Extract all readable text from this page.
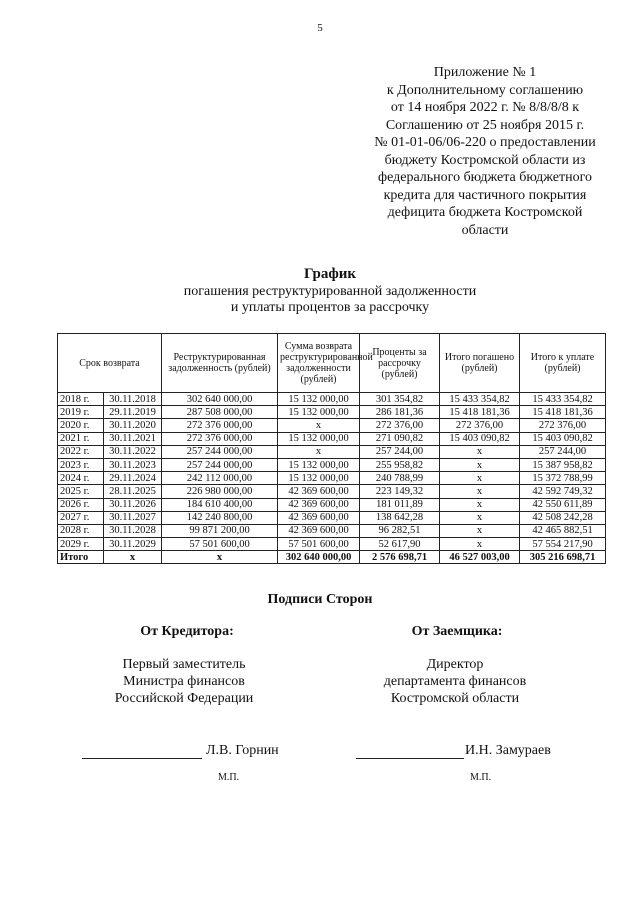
5
Приложение № 1
к Дополнительному соглашению
от 14 ноября 2022 г. № 8/8/8/8 к
Соглашению от 25 ноября 2015 г.
№ 01-01-06/06-220 о предоставлении
бюджету Костромской области из
федерального бюджета бюджетного
кредита для частичного покрытия
дефицита бюджета Костромской
области
График
погашения реструктурированной задолженности
и уплаты процентов за рассрочку
Срок возврата		Реструктурированная задолженность (рублей)	Сумма возврата реструктурированной задолженности (рублей)	Проценты за рассрочку (рублей)	Итого погашено (рублей)	Итого к уплате (рублей)
2018 г.	30.11.2018	302 640 000,00	15 132 000,00	301 354,82	15 433 354,82	15 433 354,82
2019 г.	29.11.2019	287 508 000,00	15 132 000,00	286 181,36	15 418 181,36	15 418 181,36
2020 г.	30.11.2020	272 376 000,00	x	272 376,00	272 376,00	272 376,00
2021 г.	30.11.2021	272 376 000,00	15 132 000,00	271 090,82	15 403 090,82	15 403 090,82
2022 г.	30.11.2022	257 244 000,00	x	257 244,00	x	257 244,00
2023 г.	30.11.2023	257 244 000,00	15 132 000,00	255 958,82	x	15 387 958,82
2024 г.	29.11.2024	242 112 000,00	15 132 000,00	240 788,99	x	15 372 788,99
2025 г.	28.11.2025	226 980 000,00	42 369 600,00	223 149,32	x	42 592 749,32
2026 г.	30.11.2026	184 610 400,00	42 369 600,00	181 011,89	x	42 550 611,89
2027 г.	30.11.2027	142 240 800,00	42 369 600,00	138 642,28	x	42 508 242,28
2028 г.	30.11.2028	99 871 200,00	42 369 600,00	96 282,51	x	42 465 882,51
2029 г.	30.11.2029	57 501 600,00	57 501 600,00	52 617,90	x	57 554 217,90
Итого	x	x	302 640 000,00	2 576 698,71	46 527 003,00	305 216 698,71
Подписи Сторон
От Кредитора:	От Заемщика:
Первый заместитель
Министра финансов
Российской Федерации
Директор
департамента финансов
Костромской области
Л.В. Горнин
М.П.
И.Н. Замураев
М.П.
